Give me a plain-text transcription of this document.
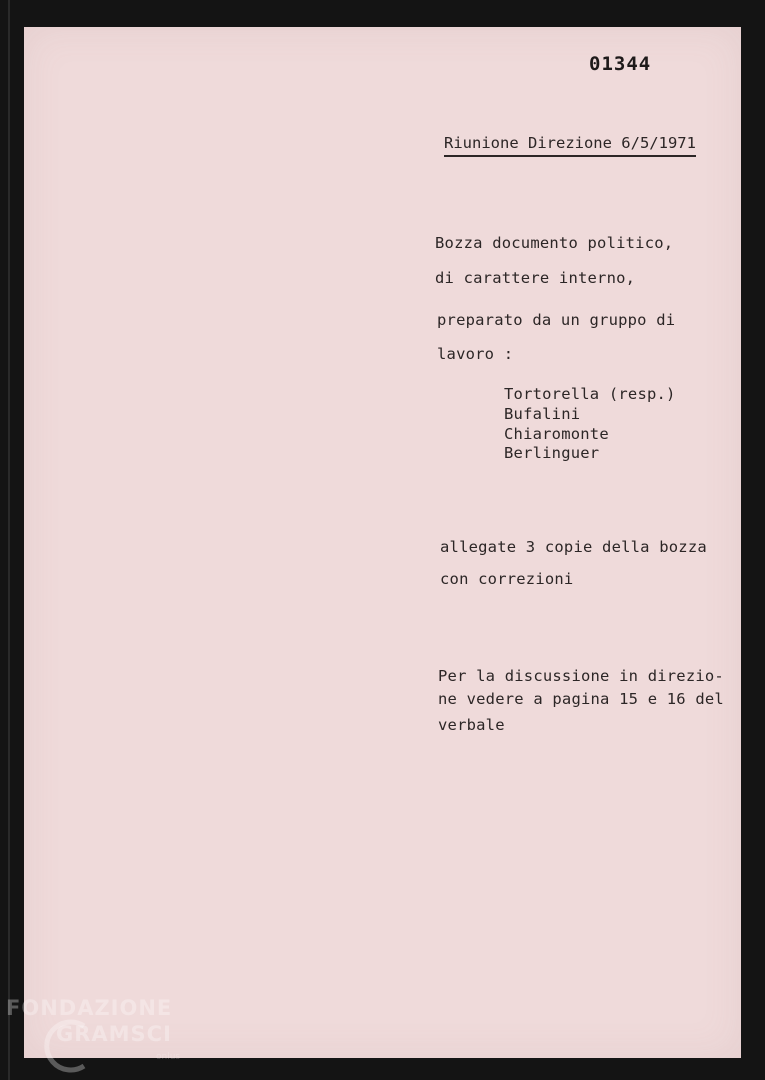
01344
Riunione Direzione 6/5/1971
Bozza documento politico,
di carattere interno,
preparato da un gruppo di
lavoro :
Tortorella (resp.)
Bufalini
Chiaromonte
Berlinguer
allegate 3 copie della bozza
con correzioni
Per la discussione in direzio-
ne vedere a pagina 15 e 16 del
verbale
FONDAZIONE
GRAMSCI
onlus
